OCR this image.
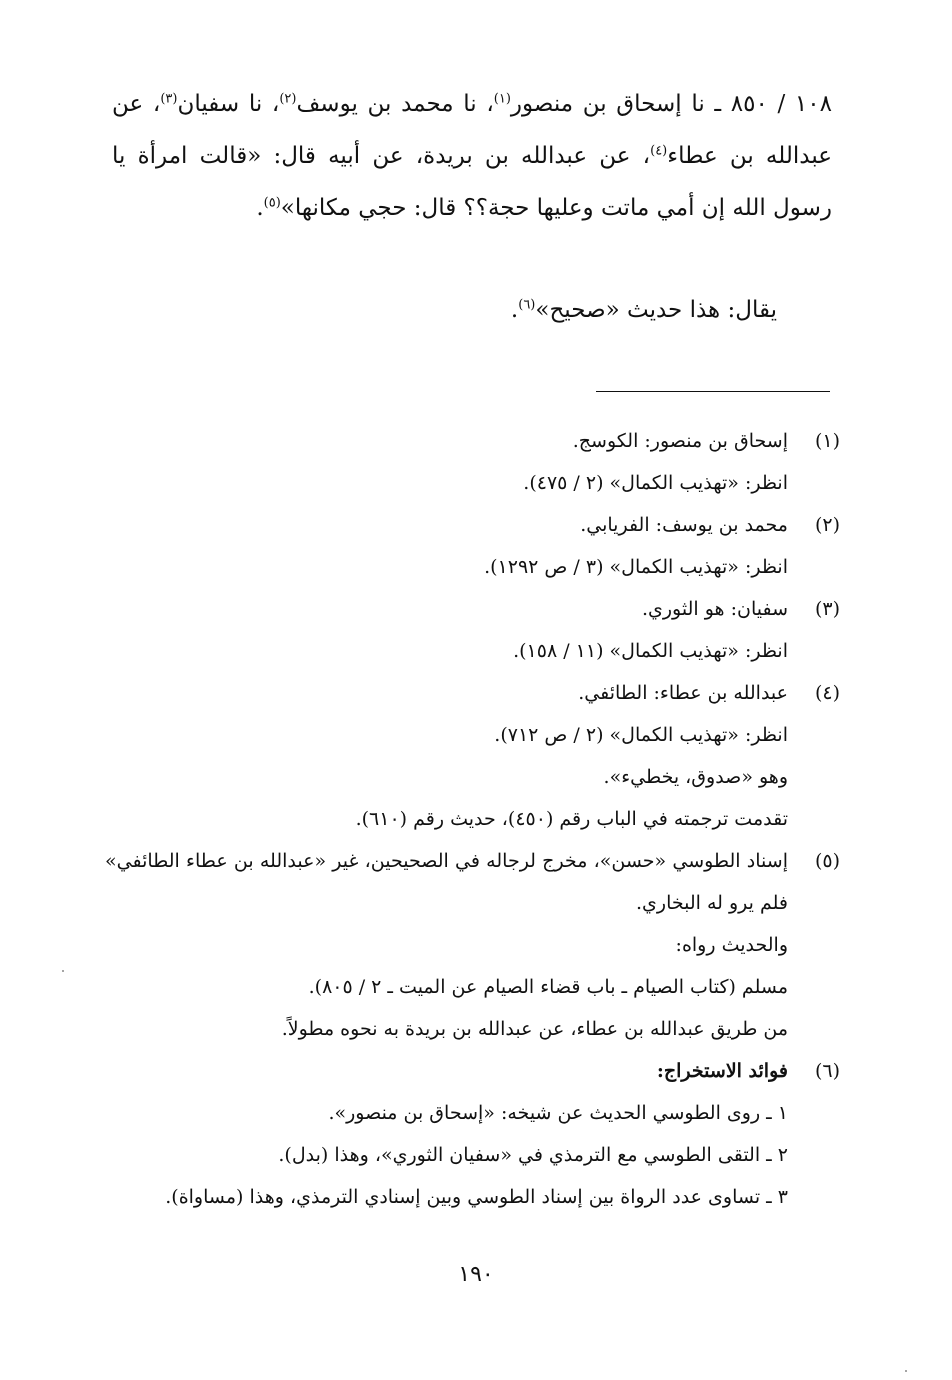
١٠٨ / ٨٥٠ ـ نا إسحاق بن منصور$^{(١)}$، نا محمد بن يوسف$^{(٢)}$، نا سفيان$^{(٣)}$، عن عبدالله بن عطاء$^{(٤)}$، عن عبدالله بن بريدة، عن أبيه قال: «قالت امرأة يا رسول الله إن أمي ماتت وعليها حجة؟؟ قال: حجي مكانها»$^{(٥)}$.

يقال: هذا حديث «صحيح»$^{(٦)}$.
(١)
إسحاق بن منصور: الكوسج.
انظر: «تهذيب الكمال» (٢ / ٤٧٥).
(٢)
محمد بن يوسف: الفريابي.
انظر: «تهذيب الكمال» (٣ / ص ١٢٩٢).
(٣)
سفيان: هو الثوري.
انظر: «تهذيب الكمال» (١١ / ١٥٨).
(٤)
عبدالله بن عطاء: الطائفي.
انظر: «تهذيب الكمال» (٢ / ص ٧١٢).
وهو «صدوق، يخطيء».
تقدمت ترجمته في الباب رقم (٤٥٠)، حديث رقم (٦١٠).
(٥)
إسناد الطوسي «حسن»، مخرج لرجاله في الصحيحين، غير «عبدالله بن عطاء الطائفي» فلم يرو له البخاري.
والحديث رواه:
مسلم (كتاب الصيام ـ باب قضاء الصيام عن الميت ـ ٢ / ٨٠٥).
من طريق عبدالله بن عطاء، عن عبدالله بن بريدة به نحوه مطولاً.
(٦)
فوائد الاستخراج:
١ ـ روى الطوسي الحديث عن شيخه: «إسحاق بن منصور».
٢ ـ التقى الطوسي مع الترمذي في «سفيان الثوري»، وهذا (بدل).
٣ ـ تساوى عدد الرواة بين إسناد الطوسي وبين إسنادي الترمذي، وهذا (مساواة).
١٩٠
